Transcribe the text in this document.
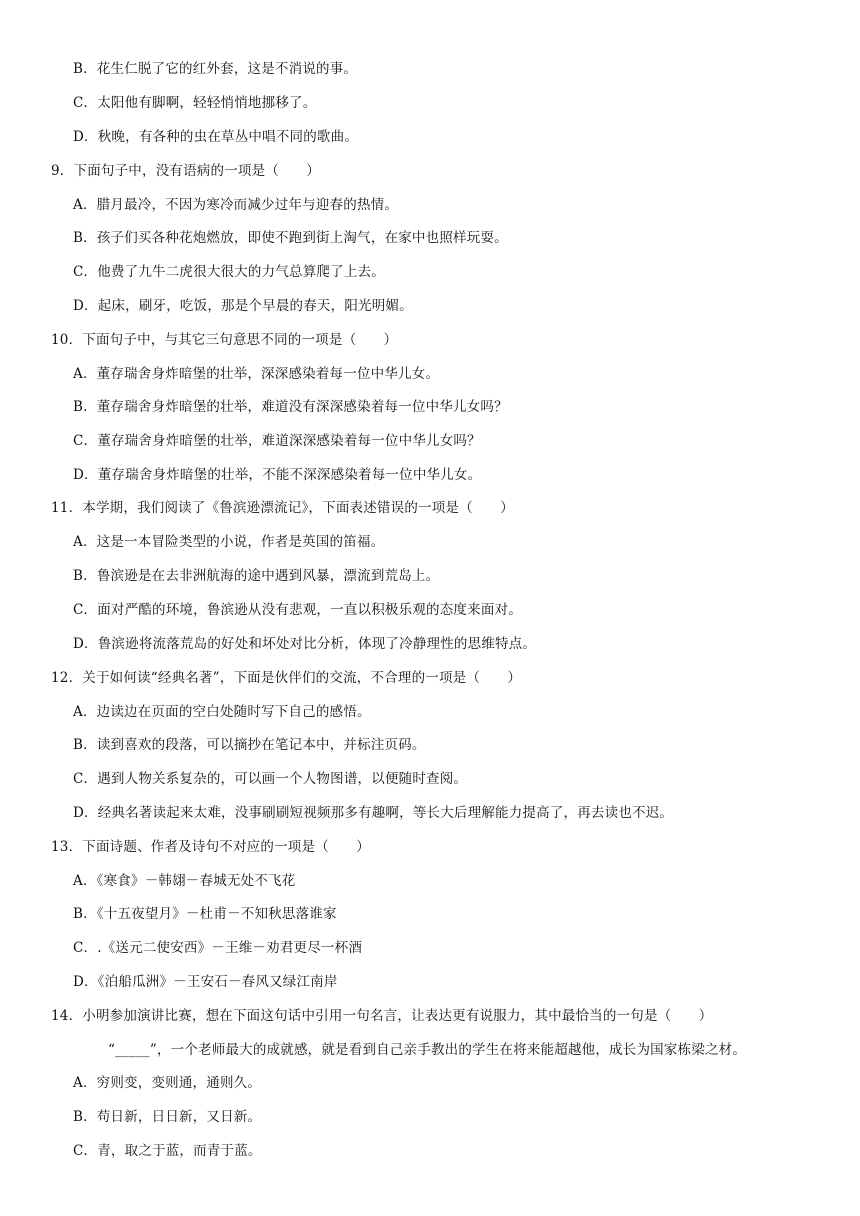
B．花生仁脱了它的红外套，这是不消说的事。
C．太阳他有脚啊，轻轻悄悄地挪移了。
D．秋晚，有各种的虫在草丛中唱不同的歌曲。
9．下面句子中，没有语病的一项是（　　）
A．腊月最冷，不因为寒冷而减少过年与迎春的热情。
B．孩子们买各种花炮燃放，即使不跑到街上淘气，在家中也照样玩耍。
C．他费了九牛二虎很大很大的力气总算爬了上去。
D．起床，刷牙，吃饭，那是个早晨的春天，阳光明媚。
10．下面句子中，与其它三句意思不同的一项是（　　）
A．董存瑞舍身炸暗堡的壮举，深深感染着每一位中华儿女。
B．董存瑞舍身炸暗堡的壮举，难道没有深深感染着每一位中华儿女吗？
C．董存瑞舍身炸暗堡的壮举，难道深深感染着每一位中华儿女吗？
D．董存瑞舍身炸暗堡的壮举，不能不深深感染着每一位中华儿女。
11．本学期，我们阅读了《鲁滨逊漂流记》，下面表述错误的一项是（　　）
A．这是一本冒险类型的小说，作者是英国的笛福。
B．鲁滨逊是在去非洲航海的途中遇到风暴，漂流到荒岛上。
C．面对严酷的环境，鲁滨逊从没有悲观，一直以积极乐观的态度来面对。
D．鲁滨逊将流落荒岛的好处和坏处对比分析，体现了冷静理性的思维特点。
12．关于如何读“经典名著”，下面是伙伴们的交流，不合理的一项是（　　）
A．边读边在页面的空白处随时写下自己的感悟。
B．读到喜欢的段落，可以摘抄在笔记本中，并标注页码。
C．遇到人物关系复杂的，可以画一个人物图谱，以便随时查阅。
D．经典名著读起来太难，没事刷刷短视频那多有趣啊，等长大后理解能力提高了，再去读也不迟。
13．下面诗题、作者及诗句不对应的一项是（　　）
A．《寒食》－韩翃－春城无处不飞花
B．《十五夜望月》－杜甫－不知秋思落谁家
C．.《送元二使安西》－王维－劝君更尽一杯酒
D．《泊船瓜洲》－王安石－春风又绿江南岸
14．小明参加演讲比赛，想在下面这句话中引用一句名言，让表达更有说服力，其中最恰当的一句是（　　）
“_____”，一个老师最大的成就感，就是看到自己亲手教出的学生在将来能超越他，成长为国家栋梁之材。
A．穷则变，变则通，通则久。
B．苟日新，日日新，又日新。
C．青，取之于蓝，而青于蓝。
